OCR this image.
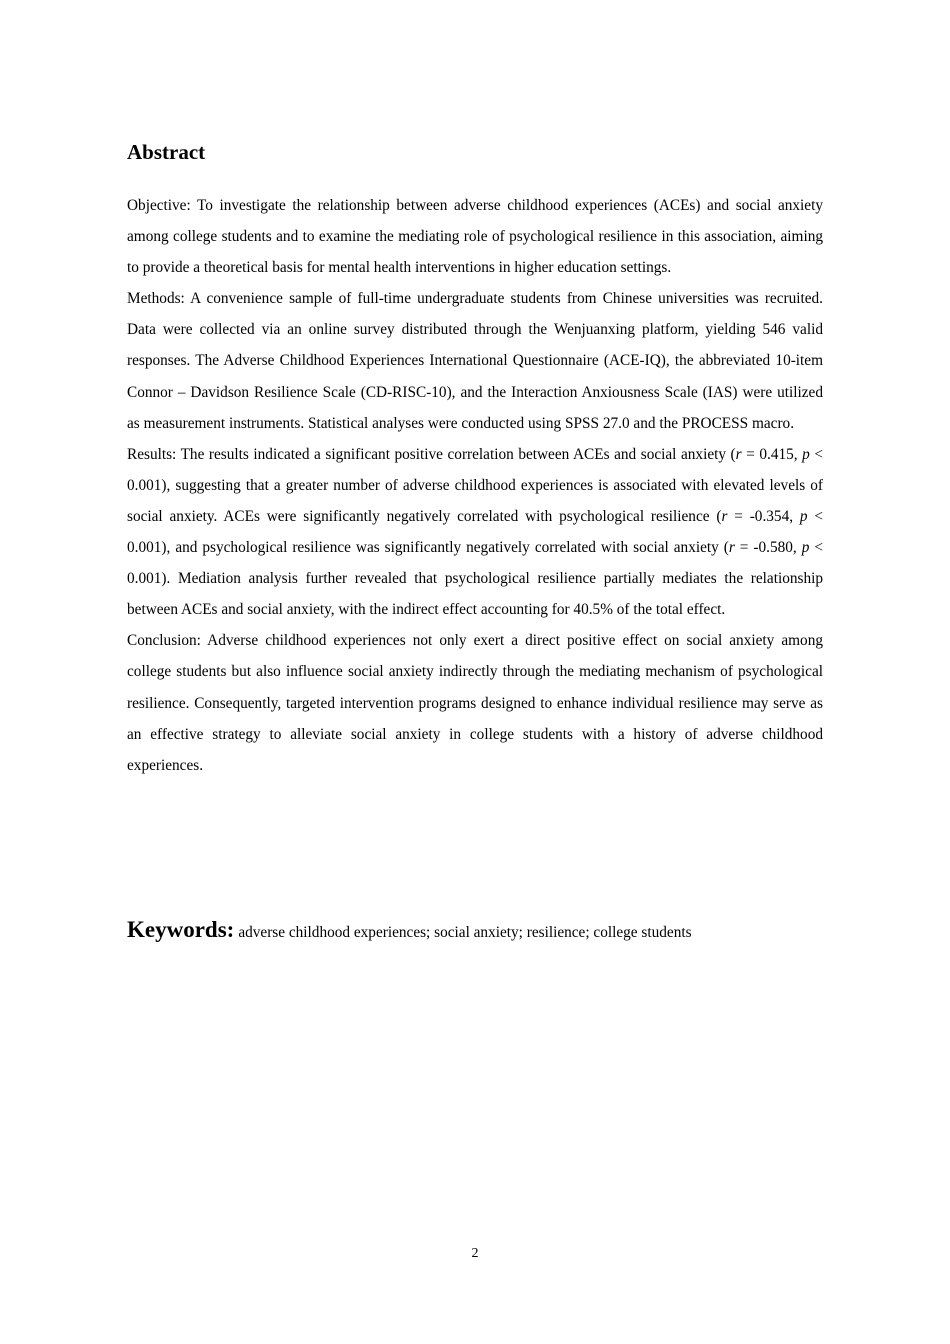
Abstract

Objective: To investigate the relationship between adverse childhood experiences (ACEs) and social anxiety among college students and to examine the mediating role of psychological resilience in this association, aiming to provide a theoretical basis for mental health interventions in higher education settings.

Methods: A convenience sample of full-time undergraduate students from Chinese universities was recruited. Data were collected via an online survey distributed through the Wenjuanxing platform, yielding 546 valid responses. The Adverse Childhood Experiences International Questionnaire (ACE-IQ), the abbreviated 10-item Connor – Davidson Resilience Scale (CD-RISC-10), and the Interaction Anxiousness Scale (IAS) were utilized as measurement instruments. Statistical analyses were conducted using SPSS 27.0 and the PROCESS macro.

Results: The results indicated a significant positive correlation between ACEs and social anxiety (r = 0.415, p < 0.001), suggesting that a greater number of adverse childhood experiences is associated with elevated levels of social anxiety. ACEs were significantly negatively correlated with psychological resilience (r = -0.354, p < 0.001), and psychological resilience was significantly negatively correlated with social anxiety (r = -0.580, p < 0.001). Mediation analysis further revealed that psychological resilience partially mediates the relationship between ACEs and social anxiety, with the indirect effect accounting for 40.5% of the total effect.

Conclusion: Adverse childhood experiences not only exert a direct positive effect on social anxiety among college students but also influence social anxiety indirectly through the mediating mechanism of psychological resilience. Consequently, targeted intervention programs designed to enhance individual resilience may serve as an effective strategy to alleviate social anxiety in college students with a history of adverse childhood experiences.

Keywords: adverse childhood experiences; social anxiety; resilience; college students
2
